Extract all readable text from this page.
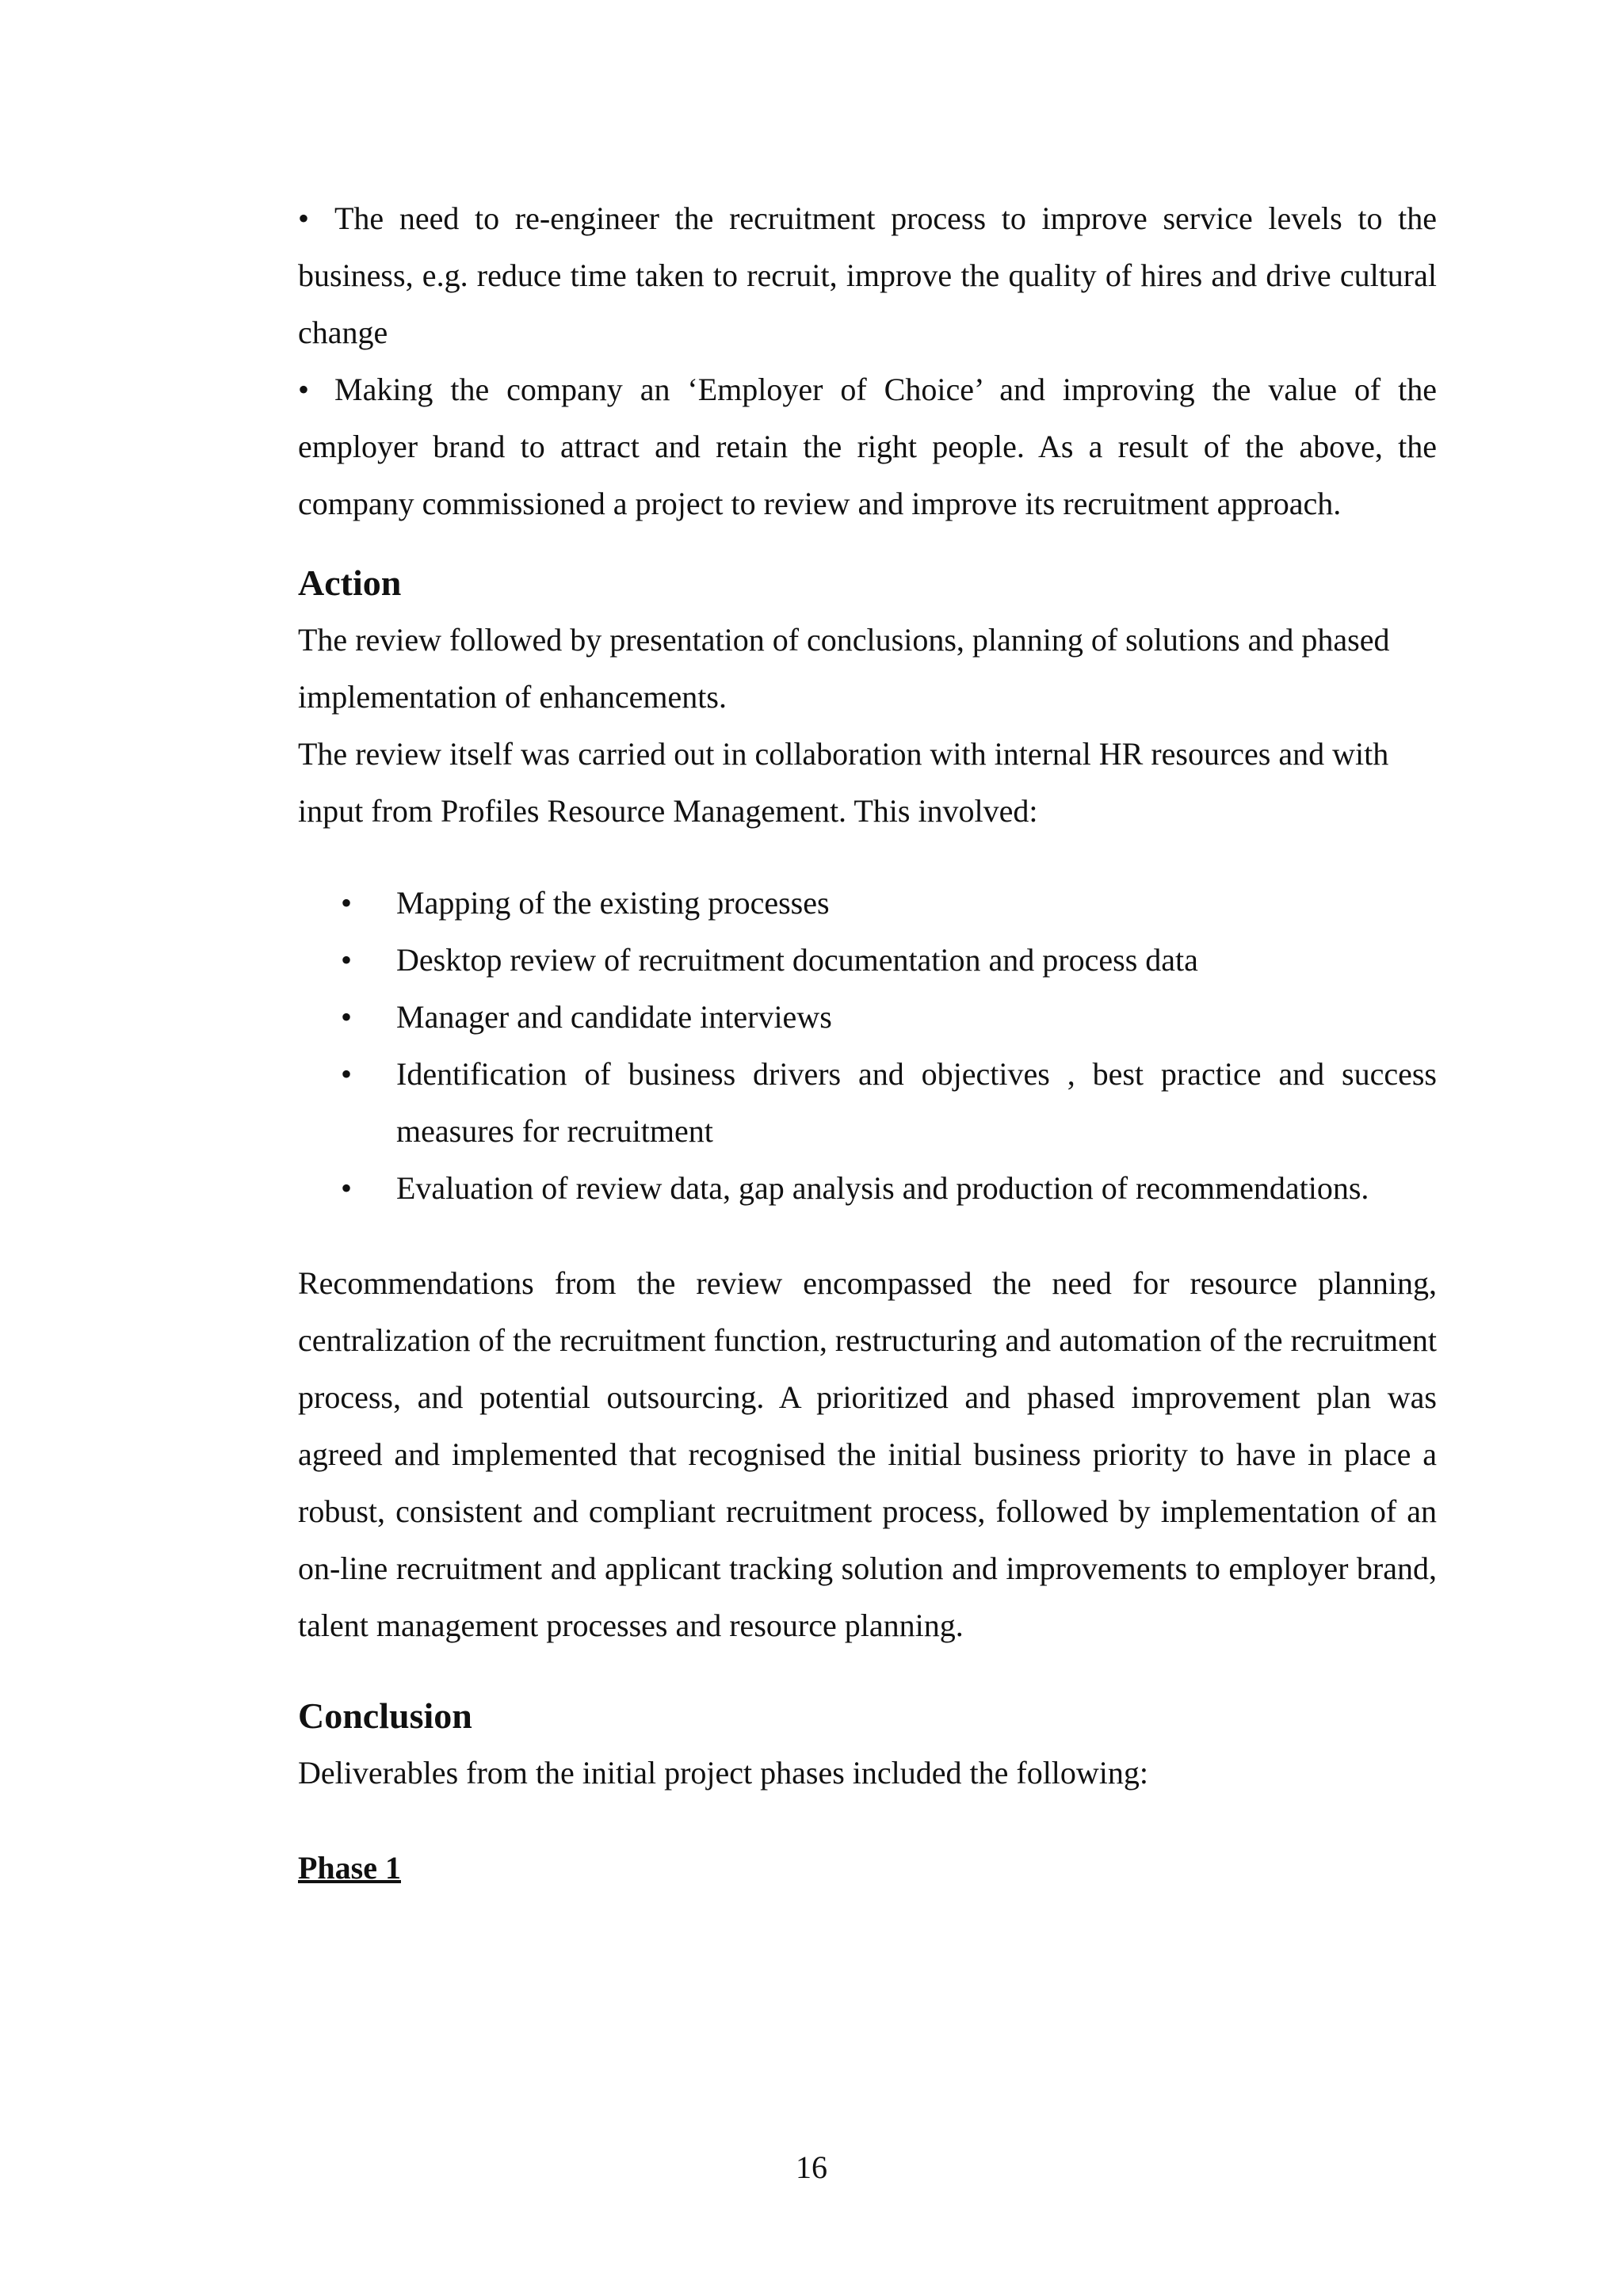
• The need to re-engineer the recruitment process to improve service levels to the business, e.g. reduce time taken to recruit, improve the quality of hires and drive cultural change

• Making the company an ‘Employer of Choice’ and improving the value of the employer brand to attract and retain the right people. As a result of the above, the company commissioned a project to review and improve its recruitment approach.

Action

The review followed by presentation of conclusions, planning of solutions and phased implementation of enhancements.

The review itself was carried out in collaboration with internal HR resources and with input from Profiles Resource Management. This involved:

• Mapping of the existing processes
• Desktop review of recruitment documentation and process data
• Manager and candidate interviews
• Identification of business drivers and objectives , best practice and success measures for recruitment
• Evaluation of review data, gap analysis and production of recommendations.

Recommendations from the review encompassed the need for resource planning, centralization of the recruitment function, restructuring and automation of the recruitment process, and potential outsourcing. A prioritized and phased improvement plan was agreed and implemented that recognised the initial business priority to have in place a robust, consistent and compliant recruitment process, followed by implementation of an on-line recruitment and applicant tracking solution and improvements to employer brand, talent management processes and resource planning.

Conclusion

Deliverables from the initial project phases included the following:

Phase 1

16
